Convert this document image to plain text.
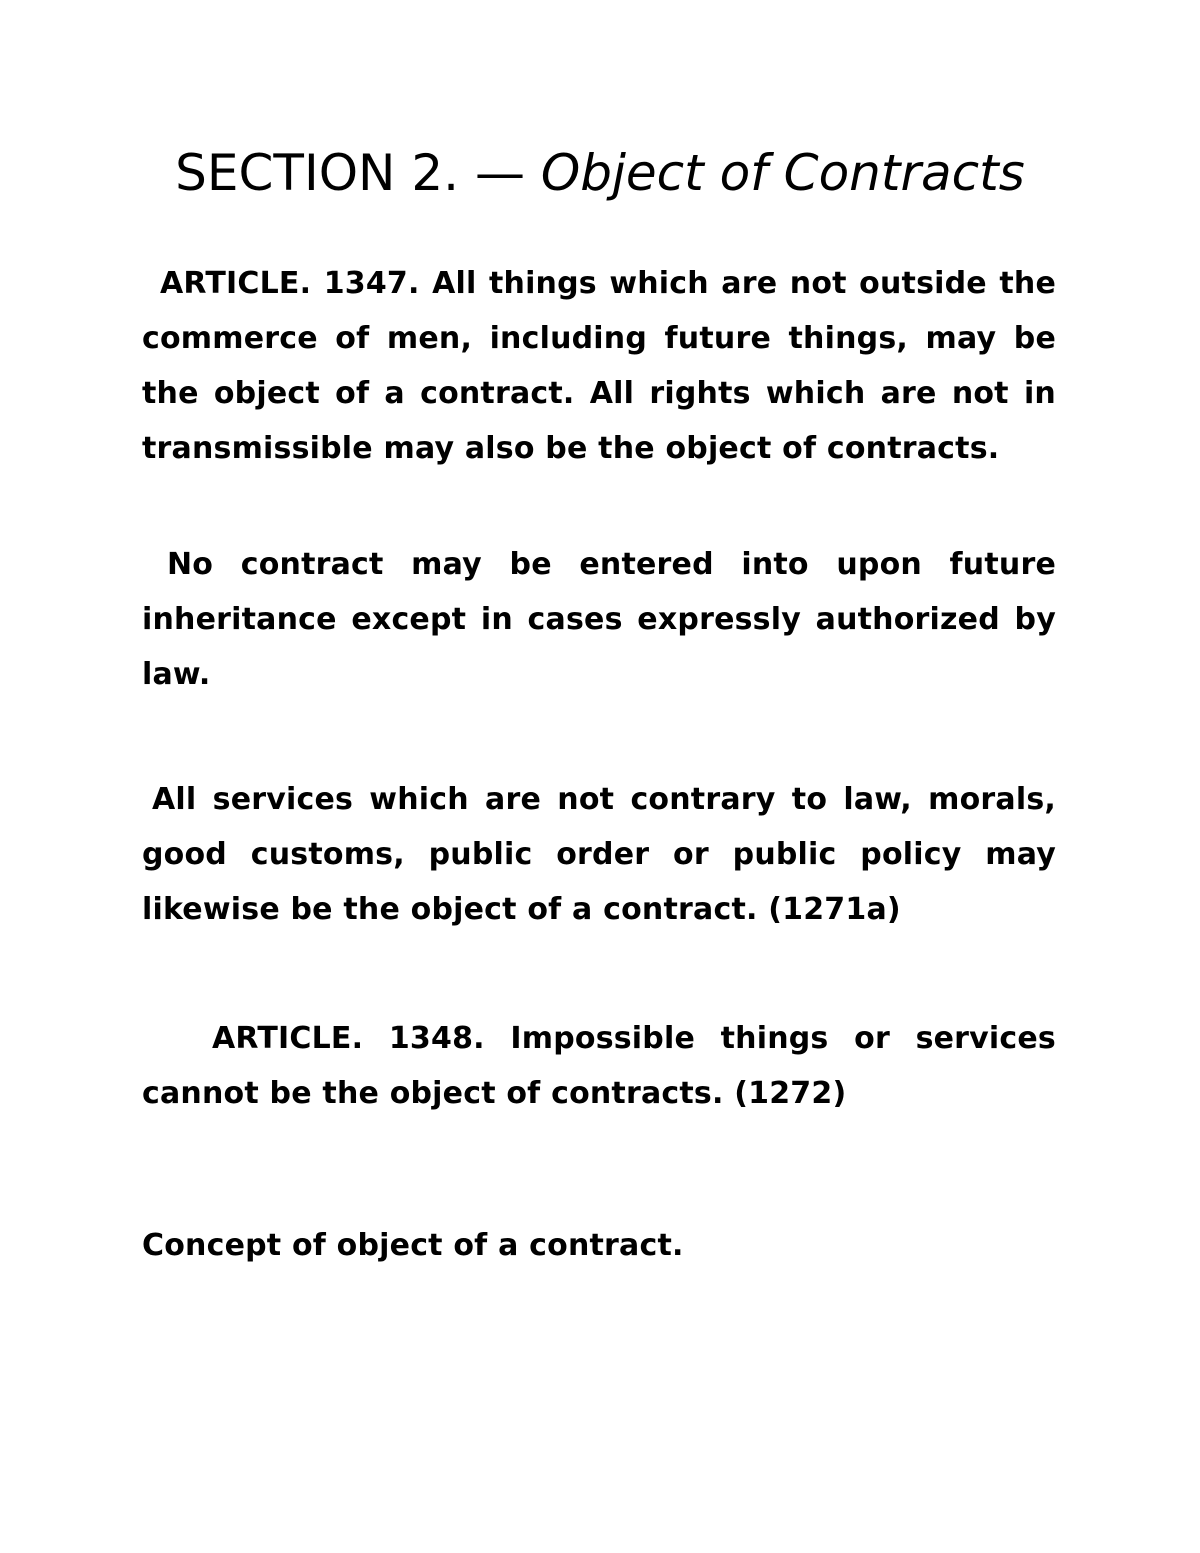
SECTION 2. — Object of Contracts

ARTICLE. 1347. All things which are not outside the commerce of men, including future things, may be the object of a contract. All rights which are not in transmissible may also be the object of contracts.

No contract may be entered into upon future inheritance except in cases expressly authorized by law.

All services which are not contrary to law, morals, good customs, public order or public policy may likewise be the object of a contract. (1271a)

ARTICLE. 1348. Impossible things or services cannot be the object of contracts. (1272)

Concept of object of a contract.
